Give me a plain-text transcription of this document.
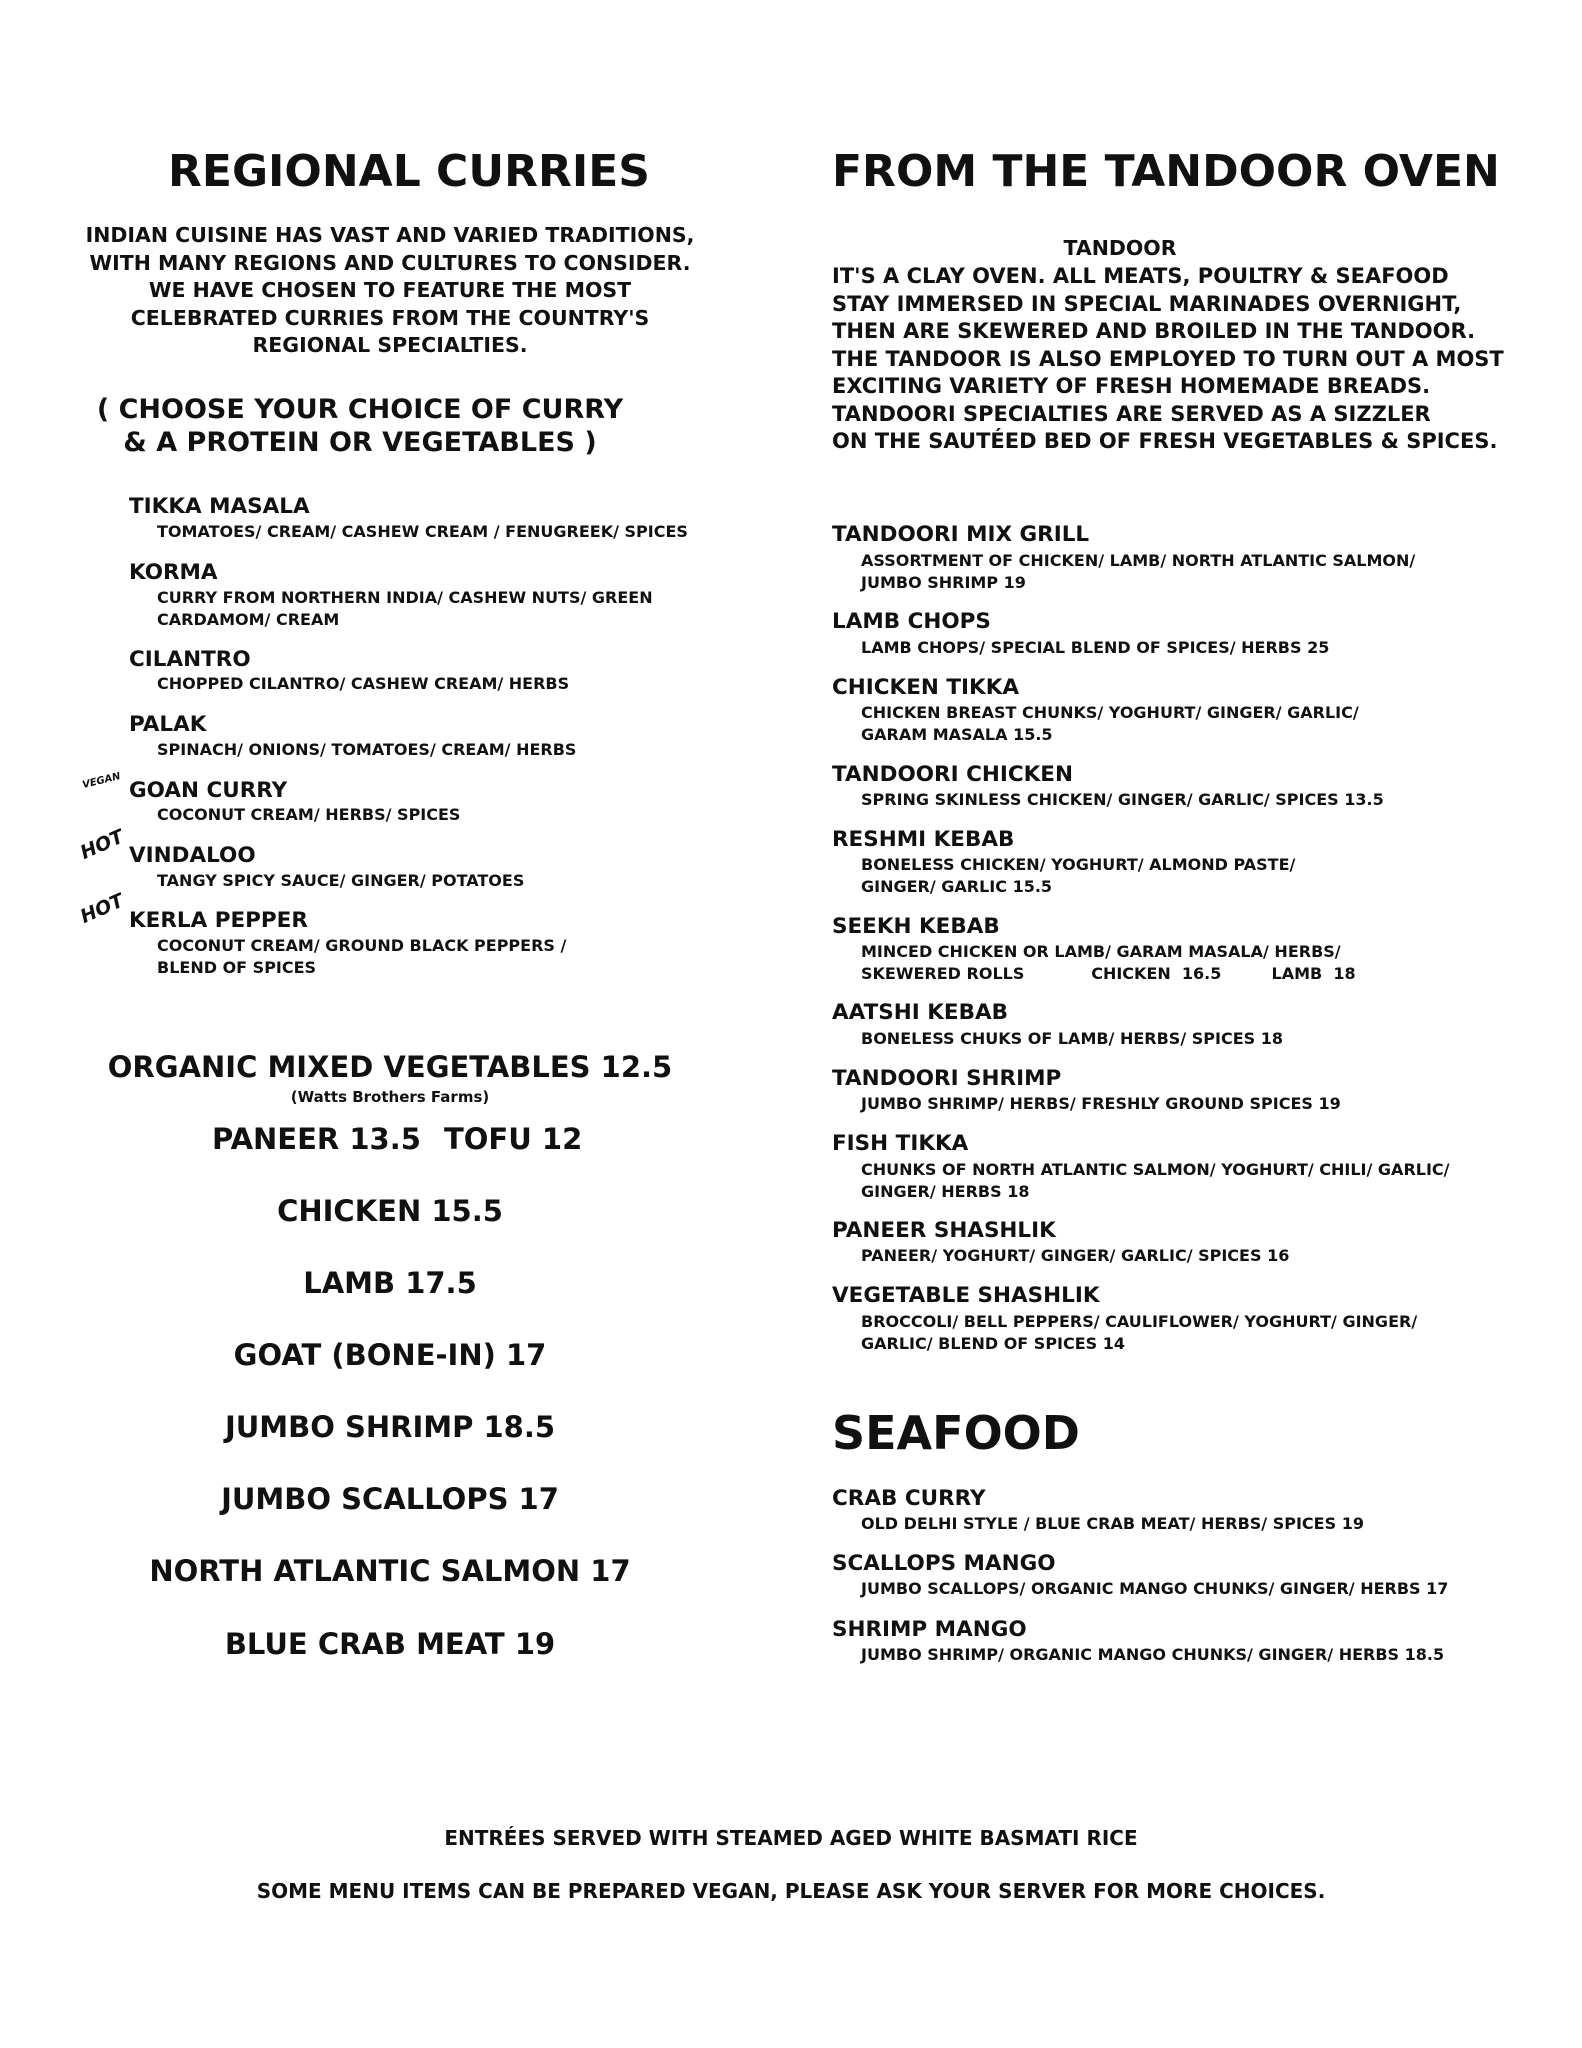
REGIONAL CURRIES
INDIAN CUISINE HAS VAST AND VARIED TRADITIONS,
WITH MANY REGIONS AND CULTURES TO CONSIDER.
WE HAVE CHOSEN TO FEATURE THE MOST
CELEBRATED CURRIES FROM THE COUNTRY'S
REGIONAL SPECIALTIES.
( CHOOSE YOUR CHOICE OF CURRY
& A PROTEIN OR VEGETABLES )
TIKKA MASALA
TOMATOES/ CREAM/ CASHEW CREAM / FENUGREEK/ SPICES
KORMA
CURRY FROM NORTHERN INDIA/ CASHEW NUTS/ GREEN
CARDAMOM/ CREAM
CILANTRO
CHOPPED CILANTRO/ CASHEW CREAM/ HERBS
PALAK
SPINACH/ ONIONS/ TOMATOES/ CREAM/ HERBS
VEGAN GOAN CURRY
COCONUT CREAM/ HERBS/ SPICES
HOT VINDALOO
TANGY SPICY SAUCE/ GINGER/ POTATOES
HOT KERLA PEPPER
COCONUT CREAM/ GROUND BLACK PEPPERS /
BLEND OF SPICES
ORGANIC MIXED VEGETABLES 12.5
(Watts Brothers Farms)
PANEER 13.5 TOFU 12
CHICKEN 15.5
LAMB 17.5
GOAT (BONE-IN) 17
JUMBO SHRIMP 18.5
JUMBO SCALLOPS 17
NORTH ATLANTIC SALMON 17
BLUE CRAB MEAT 19
FROM THE TANDOOR OVEN
TANDOOR
IT'S A CLAY OVEN. ALL MEATS, POULTRY & SEAFOOD
STAY IMMERSED IN SPECIAL MARINADES OVERNIGHT,
THEN ARE SKEWERED AND BROILED IN THE TANDOOR.
THE TANDOOR IS ALSO EMPLOYED TO TURN OUT A MOST
EXCITING VARIETY OF FRESH HOMEMADE BREADS.
TANDOORI SPECIALTIES ARE SERVED AS A SIZZLER
ON THE SAUTÉED BED OF FRESH VEGETABLES & SPICES.
TANDOORI MIX GRILL
ASSORTMENT OF CHICKEN/ LAMB/ NORTH ATLANTIC SALMON/
JUMBO SHRIMP 19
LAMB CHOPS
LAMB CHOPS/ SPECIAL BLEND OF SPICES/ HERBS 25
CHICKEN TIKKA
CHICKEN BREAST CHUNKS/ YOGHURT/ GINGER/ GARLIC/
GARAM MASALA 15.5
TANDOORI CHICKEN
SPRING SKINLESS CHICKEN/ GINGER/ GARLIC/ SPICES 13.5
RESHMI KEBAB
BONELESS CHICKEN/ YOGHURT/ ALMOND PASTE/
GINGER/ GARLIC 15.5
SEEKH KEBAB
MINCED CHICKEN OR LAMB/ GARAM MASALA/ HERBS/
SKEWERED ROLLS            CHICKEN  16.5         LAMB  18
AATSHI KEBAB
BONELESS CHUKS OF LAMB/ HERBS/ SPICES 18
TANDOORI SHRIMP
JUMBO SHRIMP/ HERBS/ FRESHLY GROUND SPICES 19
FISH TIKKA
CHUNKS OF NORTH ATLANTIC SALMON/ YOGHURT/ CHILI/ GARLIC/
GINGER/ HERBS 18
PANEER SHASHLIK
PANEER/ YOGHURT/ GINGER/ GARLIC/ SPICES 16
VEGETABLE SHASHLIK
BROCCOLI/ BELL PEPPERS/ CAULIFLOWER/ YOGHURT/ GINGER/
GARLIC/ BLEND OF SPICES 14
SEAFOOD
CRAB CURRY
OLD DELHI STYLE / BLUE CRAB MEAT/ HERBS/ SPICES 19
SCALLOPS MANGO
JUMBO SCALLOPS/ ORGANIC MANGO CHUNKS/ GINGER/ HERBS 17
SHRIMP MANGO
JUMBO SHRIMP/ ORGANIC MANGO CHUNKS/ GINGER/ HERBS 18.5
ENTRÉES SERVED WITH STEAMED AGED WHITE BASMATI RICE
SOME MENU ITEMS CAN BE PREPARED VEGAN, PLEASE ASK YOUR SERVER FOR MORE CHOICES.
